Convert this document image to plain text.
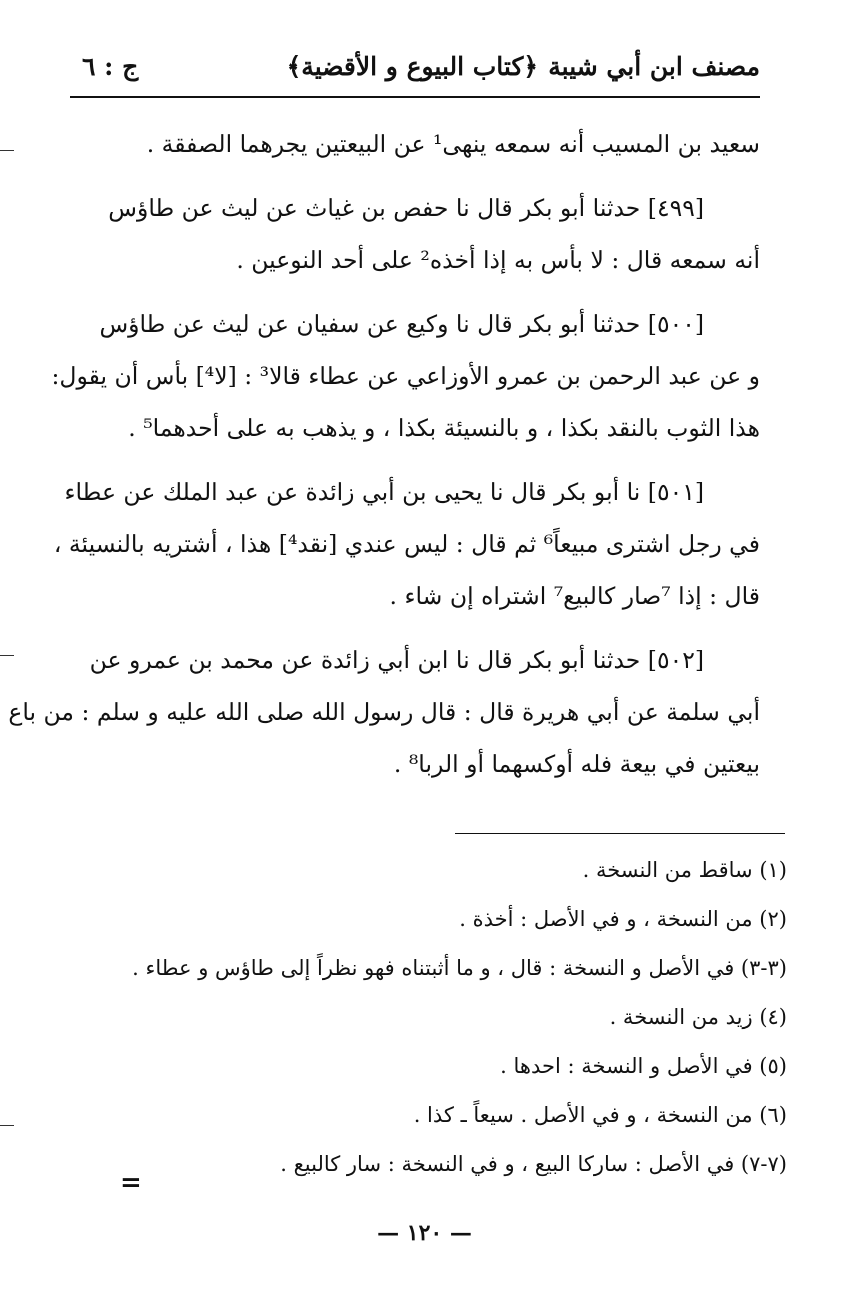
مصنف ابن أبي شيبة
﴿كتاب البيوع و الأقضية﴾
ج : ٦
سعيد بن المسيب أنه سمعه ينهى¹ عن البيعتين يجرهما الصفقة .
[٤٩٩] حدثنا أبو بكر قال نا حفص بن غياث عن ليث عن طاؤس
أنه سمعه قال : لا بأس به إذا أخذه² على أحد النوعين .
[٥٠٠] حدثنا أبو بكر قال نا وكيع عن سفيان عن ليث عن طاؤس
و عن عبد الرحمن بن عمرو الأوزاعي عن عطاء قالا³ : [لا⁴] بأس أن يقول:
هذا الثوب بالنقد بكذا ، و بالنسيئة بكذا ، و يذهب به على أحدهما⁵ .
[٥٠١] نا أبو بكر قال نا يحيى بن أبي زائدة عن عبد الملك عن عطاء
في رجل اشترى مبيعاً⁶ ثم قال : ليس عندي [نقد⁴] هذا ، أشتريه بالنسيئة ،
قال : إذا ⁷صار كالبيع⁷ اشتراه إن شاء .
[٥٠٢] حدثنا أبو بكر قال نا ابن أبي زائدة عن محمد بن عمرو عن
أبي سلمة عن أبي هريرة قال : قال رسول الله صلى الله عليه و سلم : من باع
بيعتين في بيعة فله أوكسهما أو الربا⁸ .
(١) ساقط من النسخة .
(٢) من النسخة ، و في الأصل : أخذة .
(٣-٣) في الأصل و النسخة : قال ، و ما أثبتناه فهو نظراً إلى طاؤس و عطاء .
(٤) زيد من النسخة .
(٥) في الأصل و النسخة : احدها .
(٦) من النسخة ، و في الأصل . سيعاً ـ كذا .
(٧-٧) في الأصل : ساركا البيع ، و في النسخة : سار كالبيع .
=
— ١٢٠ —
